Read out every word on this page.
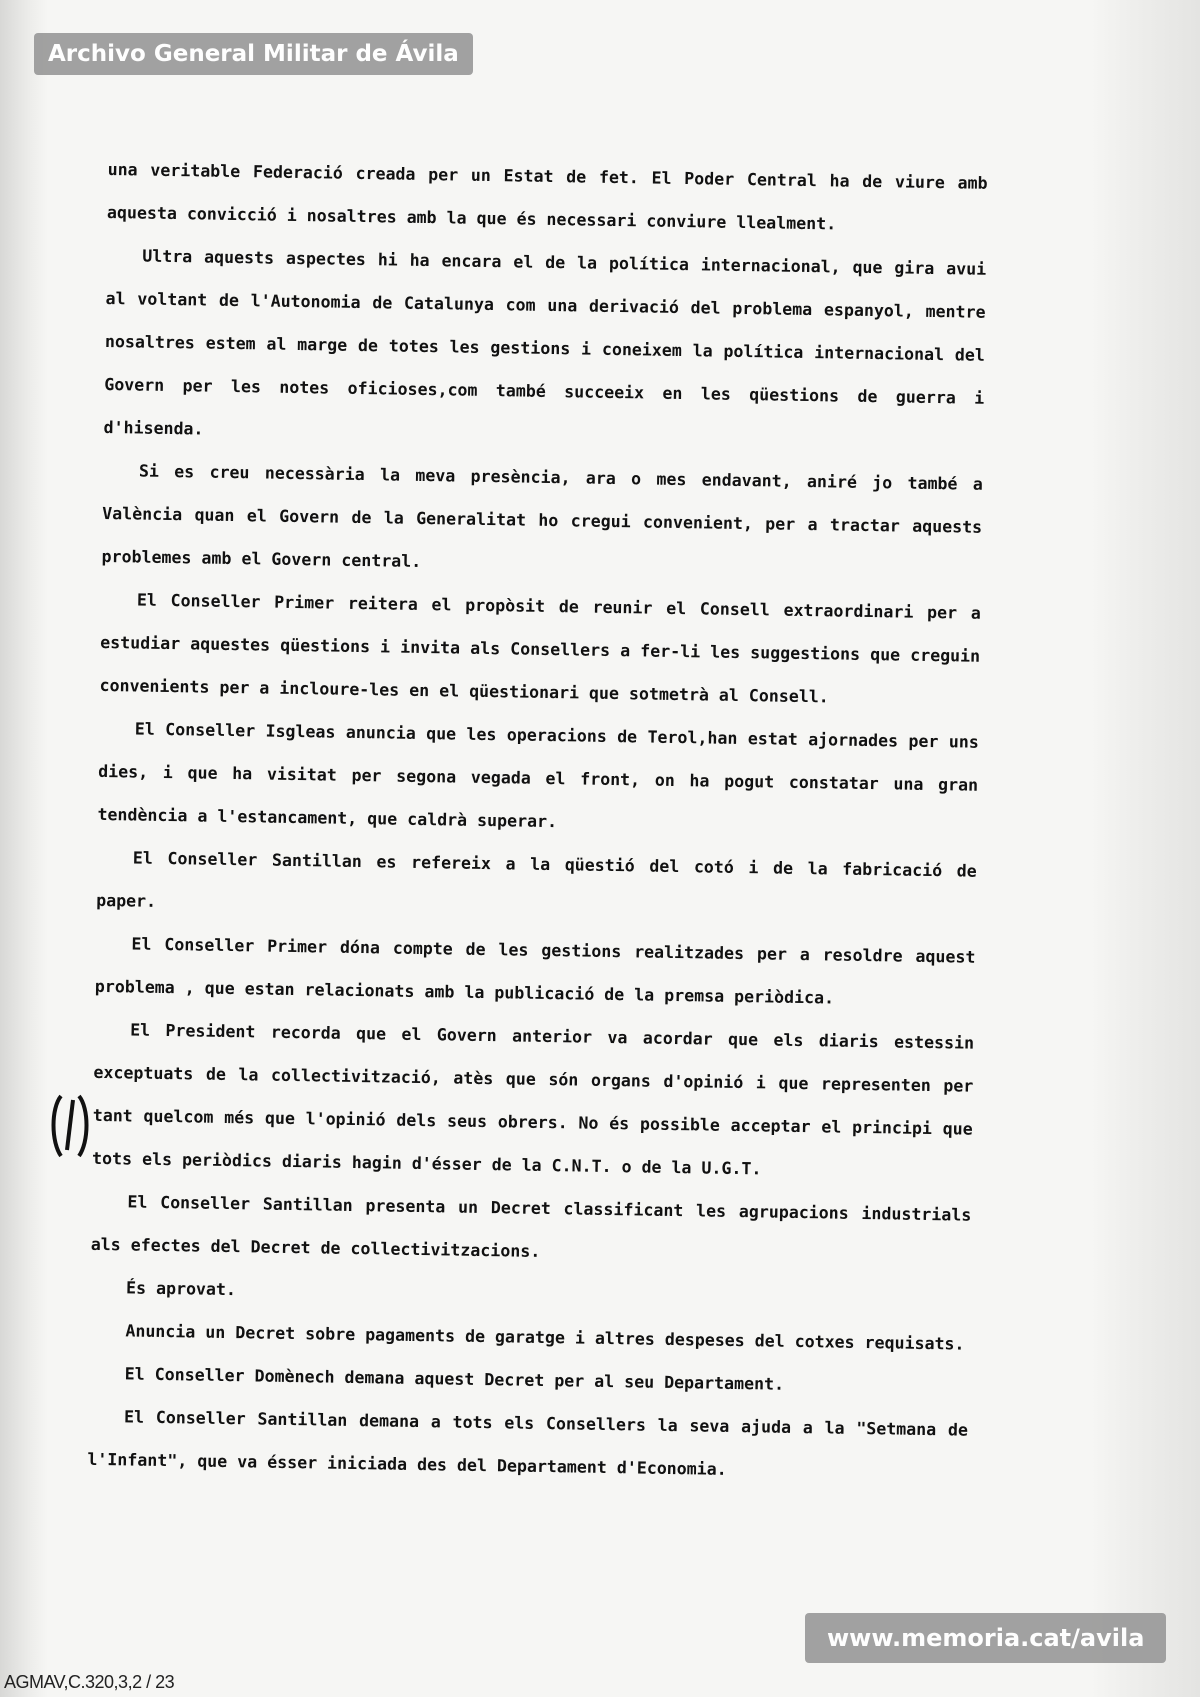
Archivo General Militar de Ávila

una veritable Federació creada per un Estat de fet. El Poder Central ha de viure amb aquesta convicció i nosaltres amb la que és necessari conviure llealment.

Ultra aquests aspectes hi ha encara el de la política internacional, que gira avui al voltant de l'Autonomia de Catalunya com una derivació del problema espanyol, mentre nosaltres estem al marge de totes les gestions i coneixem la política internacional del Govern per les notes oficioses,com també succeeix en les qüestions de guerra i d'hisenda.

Si es creu necessària la meva presència, ara o mes endavant, aniré jo també a València quan el Govern de la Generalitat ho cregui convenient, per a tractar aquests problemes amb el Govern central.

El Conseller Primer reitera el propòsit de reunir el Consell extraordinari per a estudiar aquestes qüestions i invita als Consellers a fer-li les suggestions que creguin convenients per a incloure-les en el qüestionari que sotmetrà al Consell.

El Conseller Isgleas anuncia que les operacions de Terol,han estat ajornades per uns dies, i que ha visitat per segona vegada el front, on ha pogut constatar una gran tendència a l'estancament, que caldrà superar.

El Conseller Santillan es refereix a la qüestió del cotó i de la fabricació de paper.

El Conseller Primer dóna compte de les gestions realitzades per a resoldre aquest problema , que estan relacionats amb la publicació de la premsa periòdica.

El President recorda que el Govern anterior va acordar que els diaris estessin exceptuats de la collectivització, atès que són organs d'opinió i que representen per tant quelcom més que l'opinió dels seus obrers. No és possible acceptar el principi que tots els periòdics diaris hagin d'ésser de la C.N.T. o de la U.G.T.

El Conseller Santillan presenta un Decret classificant les agrupacions industrials als efectes del Decret de collectivitzacions.

És aprovat.

Anuncia un Decret sobre pagaments de garatge i altres despeses del cotxes requisats.

El Conseller Domènech demana aquest Decret per al seu Departament.

El Conseller Santillan demana a tots els Consellers la seva ajuda a la "Setmana de l'Infant", que va ésser iniciada des del Departament d'Economia.

www.memoria.cat/avila
AGMAV,C.320,3,2 / 23
